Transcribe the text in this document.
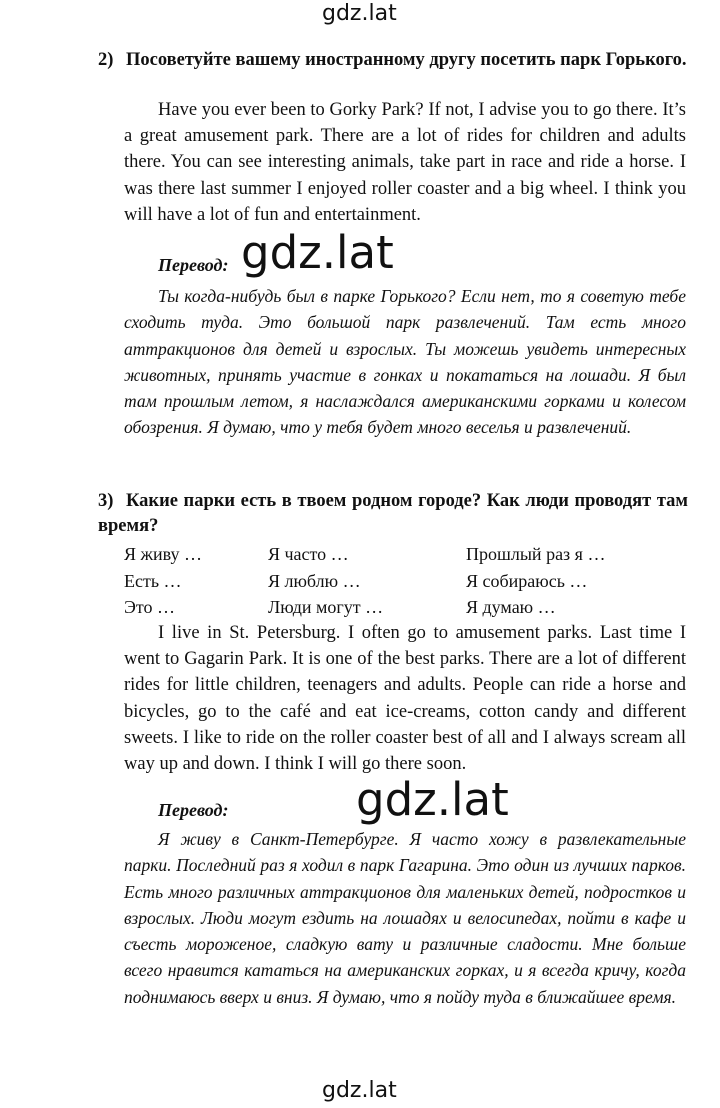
gdz.lat
2) Посоветуйте вашему иностранному другу посетить парк Горького.
Have you ever been to Gorky Park? If not, I advise you to go there. It’s a great amusement park. There are a lot of rides for children and adults there. You can see interesting animals, take part in race and ride a horse. I was there last summer I enjoyed roller coaster and a big wheel. I think you will have a lot of fun and entertainment.
Перевод: gdz.lat
Ты когда-нибудь был в парке Горького? Если нет, то я советую тебе сходить туда. Это большой парк развлечений. Там есть много аттракционов для детей и взрослых. Ты можешь увидеть интересных животных, принять участие в гонках и покататься на лошади. Я был там прошлым летом, я наслаждался американскими горками и колесом обозрения. Я думаю, что у тебя будет много веселья и развлечений.
3) Какие парки есть в твоем родном городе? Как люди проводят там время?
Я живу …	Я часто …	Прошлый раз я …
Есть …	Я люблю …	Я собираюсь …
Это …	Люди могут …	Я думаю …
I live in St. Petersburg. I often go to amusement parks. Last time I went to Gagarin Park. It is one of the best parks. There are a lot of different rides for little children, teenagers and adults. People can ride a horse and bicycles, go to the café and eat ice-creams, cotton candy and different sweets. I like to ride on the roller coaster best of all and I always scream all way up and down. I think I will go there soon.
Перевод:	gdz.lat
Я живу в Санкт-Петербурге. Я часто хожу в развлекательные парки. Последний раз я ходил в парк Гагарина. Это один из лучших парков. Есть много различных аттракционов для маленьких детей, подростков и взрослых. Люди могут ездить на лошадях и велосипедах, пойти в кафе и съесть мороженое, сладкую вату и различные сладости. Мне больше всего нравится кататься на американских горках, и я всегда кричу, когда поднимаюсь вверх и вниз. Я думаю, что я пойду туда в ближайшее время.
gdz.lat
